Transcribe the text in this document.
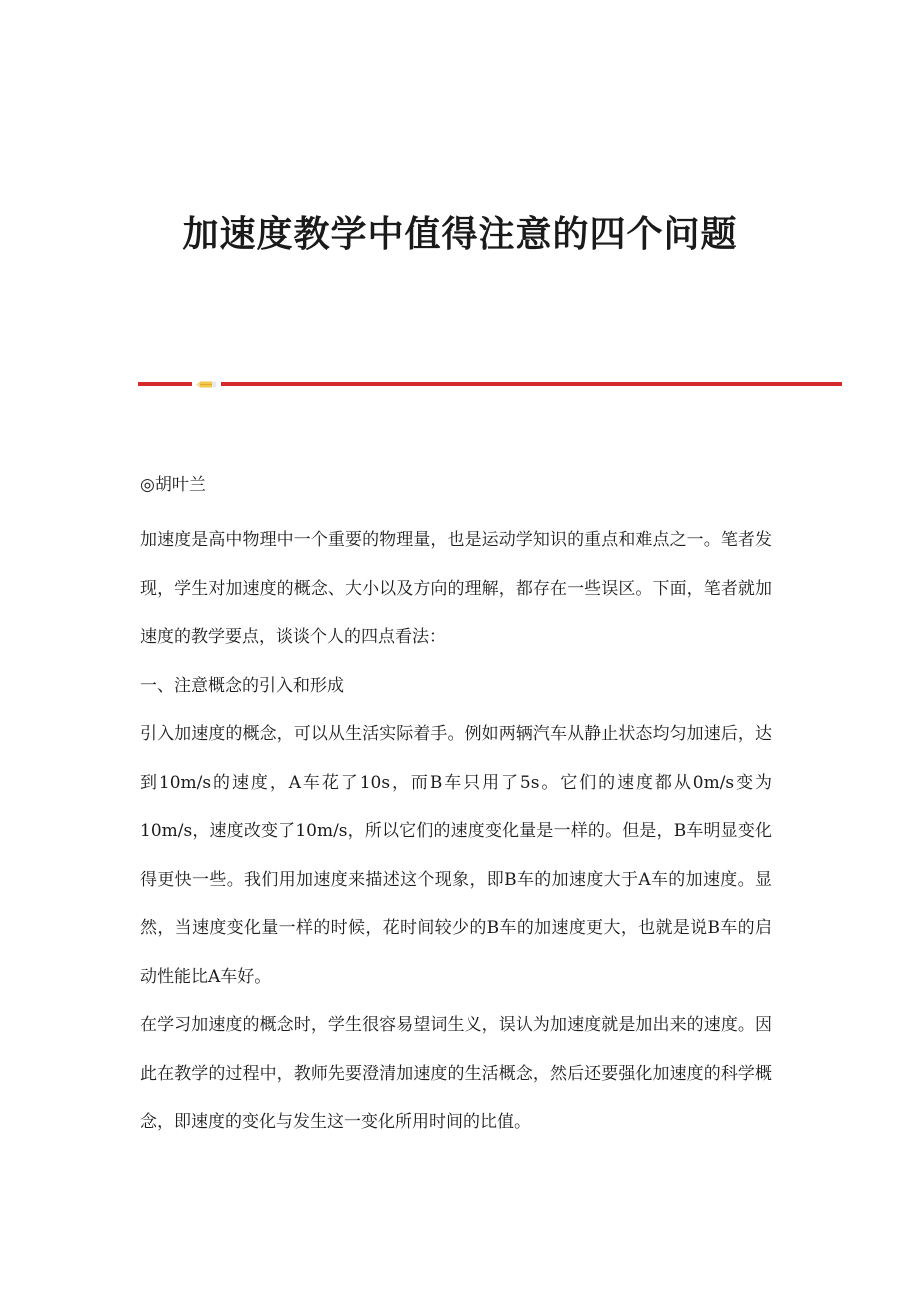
加速度教学中值得注意的四个问题

◎胡叶兰

加速度是高中物理中一个重要的物理量，也是运动学知识的重点和难点之一。笔者发现，学生对加速度的概念、大小以及方向的理解，都存在一些误区。下面，笔者就加速度的教学要点，谈谈个人的四点看法：

一、注意概念的引入和形成

引入加速度的概念，可以从生活实际着手。例如两辆汽车从静止状态均匀加速后，达到10m/s的速度，A车花了10s，而B车只用了5s。它们的速度都从0m/s变为10m/s，速度改变了10m/s，所以它们的速度变化量是一样的。但是，B车明显变化得更快一些。我们用加速度来描述这个现象，即B车的加速度大于A车的加速度。显然，当速度变化量一样的时候，花时间较少的B车的加速度更大，也就是说B车的启动性能比A车好。

在学习加速度的概念时，学生很容易望词生义，误认为加速度就是加出来的速度。因此在教学的过程中，教师先要澄清加速度的生活概念，然后还要强化加速度的科学概念，即速度的变化与发生这一变化所用时间的比值。
